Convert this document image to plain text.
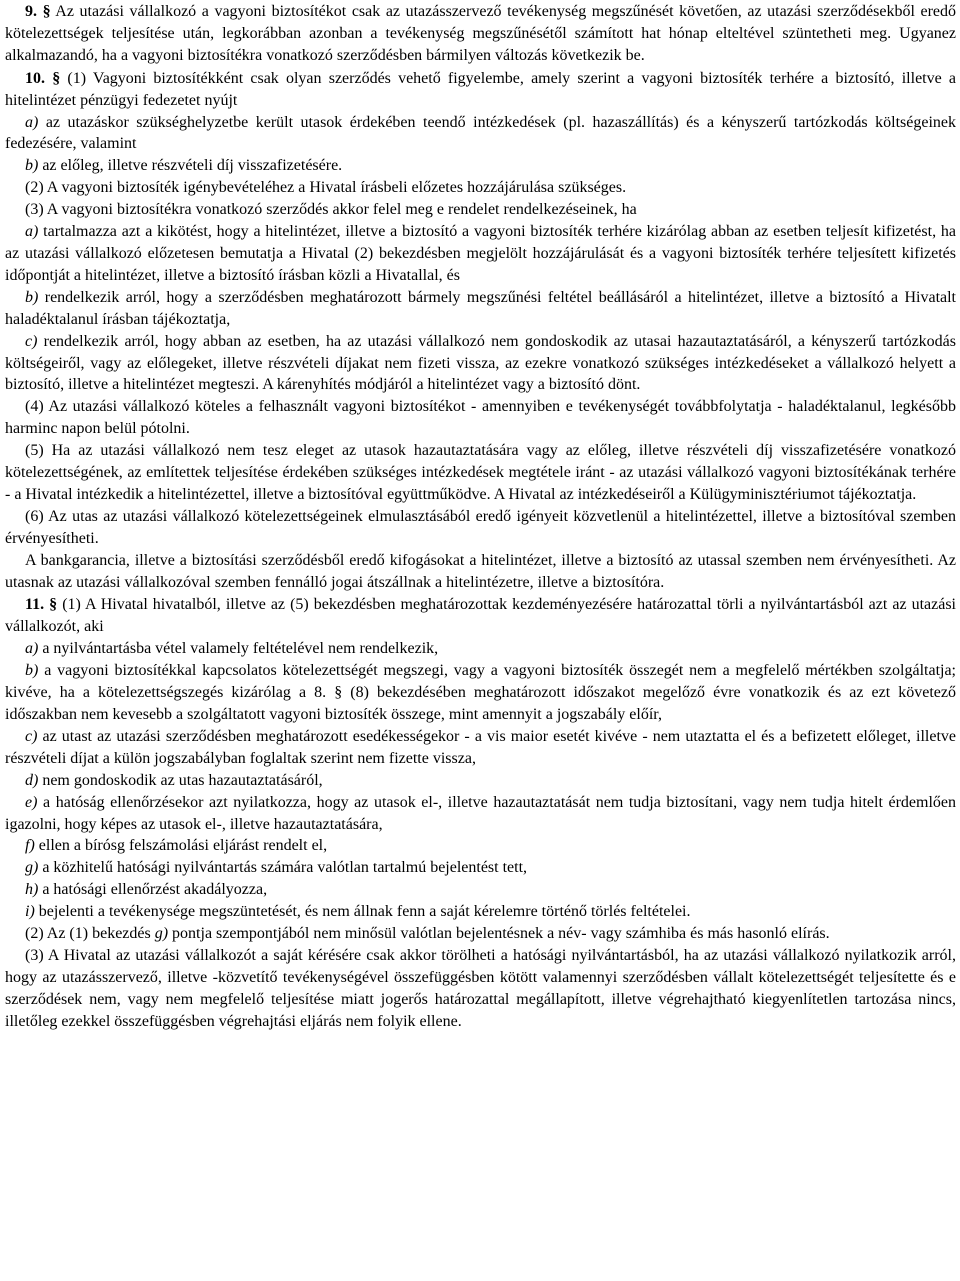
9. § Az utazási vállalkozó a vagyoni biztosítékot csak az utazásszervező tevékenység megszűnését követően, az utazási szerződésekből eredő kötelezettségek teljesítése után, legkorábban azonban a tevékenység megszűnésétől számított hat hónap elteltével szüntetheti meg. Ugyanez alkalmazandó, ha a vagyoni biztosítékra vonatkozó szerződésben bármilyen változás következik be.

10. § (1) Vagyoni biztosítékként csak olyan szerződés vehető figyelembe, amely szerint a vagyoni biztosíték terhére a biztosító, illetve a hitelintézet pénzügyi fedezetet nyújt

a) az utazáskor szükséghelyzetbe került utasok érdekében teendő intézkedések (pl. hazaszállítás) és a kényszerű tartózkodás költségeinek fedezésére, valamint

b) az előleg, illetve részvételi díj visszafizetésére.

(2) A vagyoni biztosíték igénybevételéhez a Hivatal írásbeli előzetes hozzájárulása szükséges.

(3) A vagyoni biztosítékra vonatkozó szerződés akkor felel meg e rendelet rendelkezéseinek, ha

a) tartalmazza azt a kikötést, hogy a hitelintézet, illetve a biztosító a vagyoni biztosíték terhére kizárólag abban az esetben teljesít kifizetést, ha az utazási vállalkozó előzetesen bemutatja a Hivatal (2) bekezdésben megjelölt hozzájárulását és a vagyoni biztosíték terhére teljesített kifizetés időpontját a hitelintézet, illetve a biztosító írásban közli a Hivatallal, és

b) rendelkezik arról, hogy a szerződésben meghatározott bármely megszűnési feltétel beállásáról a hitelintézet, illetve a biztosító a Hivatalt haladéktalanul írásban tájékoztatja,

c) rendelkezik arról, hogy abban az esetben, ha az utazási vállalkozó nem gondoskodik az utasai hazautaztatásáról, a kényszerű tartózkodás költségeiről, vagy az előlegeket, illetve részvételi díjakat nem fizeti vissza, az ezekre vonatkozó szükséges intézkedéseket a vállalkozó helyett a biztosító, illetve a hitelintézet megteszi. A kárenyhítés módjáról a hitelintézet vagy a biztosító dönt.

(4) Az utazási vállalkozó köteles a felhasznált vagyoni biztosítékot - amennyiben e tevékenységét továbbfolytatja - haladéktalanul, legkésőbb harminc napon belül pótolni.

(5) Ha az utazási vállalkozó nem tesz eleget az utasok hazautaztatására vagy az előleg, illetve részvételi díj visszafizetésére vonatkozó kötelezettségének, az említettek teljesítése érdekében szükséges intézkedések megtétele iránt - az utazási vállalkozó vagyoni biztosítékának terhére - a Hivatal intézkedik a hitelintézettel, illetve a biztosítóval együttműködve. A Hivatal az intézkedéseiről a Külügyminisztériumot tájékoztatja.

(6) Az utas az utazási vállalkozó kötelezettségeinek elmulasztásából eredő igényeit közvetlenül a hitelintézettel, illetve a biztosítóval szemben érvényesítheti.

A bankgarancia, illetve a biztosítási szerződésből eredő kifogásokat a hitelintézet, illetve a biztosító az utassal szemben nem érvényesítheti. Az utasnak az utazási vállalkozóval szemben fennálló jogai átszállnak a hitelintézetre, illetve a biztosítóra.

11. § (1) A Hivatal hivatalból, illetve az (5) bekezdésben meghatározottak kezdeményezésére határozattal törli a nyilvántartásból azt az utazási vállalkozót, aki

a) a nyilvántartásba vétel valamely feltételével nem rendelkezik,

b) a vagyoni biztosítékkal kapcsolatos kötelezettségét megszegi, vagy a vagyoni biztosíték összegét nem a megfelelő mértékben szolgáltatja; kivéve, ha a kötelezettségszegés kizárólag a 8. § (8) bekezdésében meghatározott időszakot megelőző évre vonatkozik és az ezt követező időszakban nem kevesebb a szolgáltatott vagyoni biztosíték összege, mint amennyit a jogszabály előír,

c) az utast az utazási szerződésben meghatározott esedékességekor - a vis maior esetét kivéve - nem utaztatta el és a befizetett előleget, illetve részvételi díjat a külön jogszabályban foglaltak szerint nem fizette vissza,

d) nem gondoskodik az utas hazautaztatásáról,

e) a hatóság ellenőrzésekor azt nyilatkozza, hogy az utasok el-, illetve hazautaztatását nem tudja biztosítani, vagy nem tudja hitelt érdemlően igazolni, hogy képes az utasok el-, illetve hazautaztatására,

f) ellen a bírósg felszámolási eljárást rendelt el,

g) a közhitelű hatósági nyilvántartás számára valótlan tartalmú bejelentést tett,

h) a hatósági ellenőrzést akadályozza,

i) bejelenti a tevékenysége megszüntetését, és nem állnak fenn a saját kérelemre történő törlés feltételei.

(2) Az (1) bekezdés g) pontja szempontjából nem minősül valótlan bejelentésnek a név- vagy számhiba és más hasonló elírás.

(3) A Hivatal az utazási vállalkozót a saját kérésére csak akkor törölheti a hatósági nyilvántartásból, ha az utazási vállalkozó nyilatkozik arról, hogy az utazásszervező, illetve -közvetítő tevékenységével összefüggésben kötött valamennyi szerződésben vállalt kötelezettségét teljesítette és e szerződések nem, vagy nem megfelelő teljesítése miatt jogerős határozattal megállapított, illetve végrehajtható kiegyenlítetlen tartozása nincs, illetőleg ezekkel összefüggésben végrehajtási eljárás nem folyik ellene.
